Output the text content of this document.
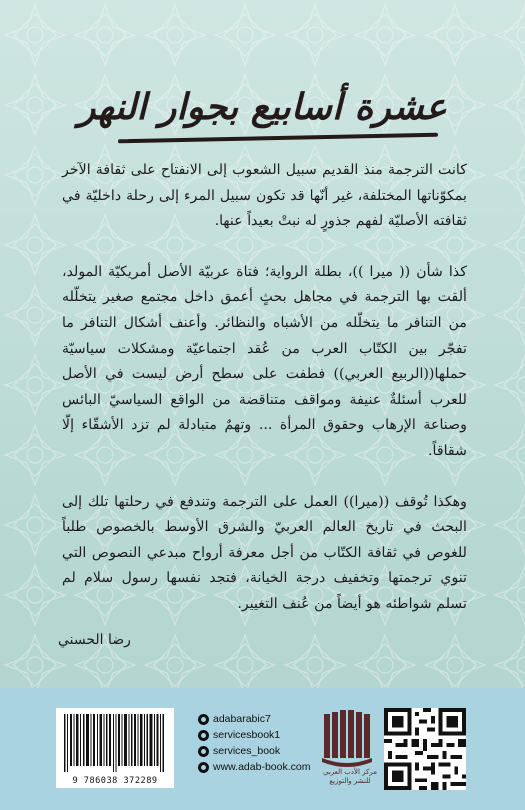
عشرة أسابيع بجوار النهر

كانت الترجمة منذ القديم سبيل الشعوب إلى الانفتاح على ثقافة الآخر بمكوّناتها المختلفة، غير أنّها قد تكون سبيل المرء إلى رحلة داخليّة في ثقافته الأصليّة لفهم جذورٍ له نبتْ بعيداً عنها.

كذا شأن (( ميرا ))، بطلة الرواية؛ فتاة عربيّة الأصل أمريكيّة المولد، ألقت بها الترجمة في مجاهل بحثٍ أعمق داخل مجتمع صغير يتخلّله من التنافر ما يتخلّله من الأشباه والنظائر. وأعنف أشكال التنافر ما تفجّر بين الكتّاب العرب من عُقد اجتماعيّة ومشكلات سياسيّة حملها((الربيع العربي)) فطفت على سطح أرض ليست في الأصل للعرب أسئلةٌ عنيفة ومواقف متناقضة من الواقع السياسيّ البائس وصناعة الإرهاب وحقوق المرأة ... وتهمٌ متبادلة لم تزد الأشقّاء إلّا شقاقاً.

وهكذا تُوقف ((ميرا)) العمل على الترجمة وتندفع في رحلتها تلك إلى البحث في تاريخ العالم العربيّ والشرق الأوسط بالخصوص طلباً للغوص في ثقافة الكتّاب من أجل معرفة أرواح مبدعي النصوص التي تنوي ترجمتها وتخفيف درجة الخيانة، فتجد نفسها رسول سلام لم تسلم شواطئه هو أيضاً من عُنف التغيير.

رضا الحسني
9 786038 372289
adabarabic7
servicesbook1
services_book
www.adab-book.com مركز الأدب العربي للنشر والتوزيع
